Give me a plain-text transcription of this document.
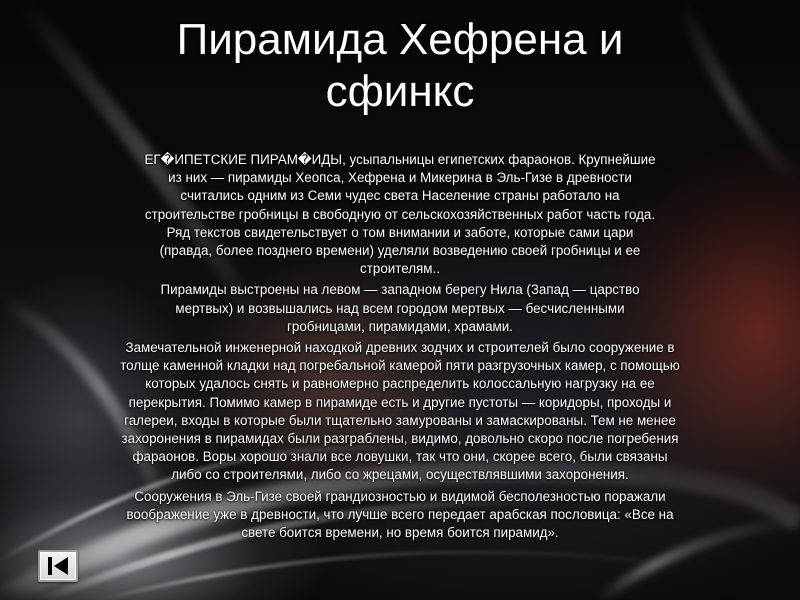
Пирамида Хефрена и сфинкс

ЕГ�ИПЕТСКИЕ ПИРАМ�ИДЫ, усыпальницы египетских фараонов. Крупнейшие из них — пирамиды Хеопса, Хефрена и Микерина в Эль-Гизе в древности считались одним из Семи чудес света Население страны работало на строительстве гробницы в свободную от сельскохозяйственных работ часть года. Ряд текстов свидетельствует о том внимании и заботе, которые сами цари (правда, более позднего времени) уделяли возведению своей гробницы и ее строителям..

Пирамиды выстроены на левом — западном берегу Нила (Запад — царство мертвых) и возвышались над всем городом мертвых — бесчисленными гробницами, пирамидами, храмами.

Замечательной инженерной находкой древних зодчих и строителей было сооружение в толще каменной кладки над погребальной камерой пяти разгрузочных камер, с помощью которых удалось снять и равномерно распределить колоссальную нагрузку на ее перекрытия. Помимо камер в пирамиде есть и другие пустоты — коридоры, проходы и галереи, входы в которые были тщательно замурованы и замаскированы. Тем не менее захоронения в пирамидах были разграблены, видимо, довольно скоро после погребения фараонов. Воры хорошо знали все ловушки, так что они, скорее всего, были связаны либо со строителями, либо со жрецами, осуществлявшими захоронения.

Сооружения в Эль-Гизе своей грандиозностью и видимой бесполезностью поражали воображение уже в древности, что лучше всего передает арабская пословица: «Все на свете боится времени, но время боится пирамид».
